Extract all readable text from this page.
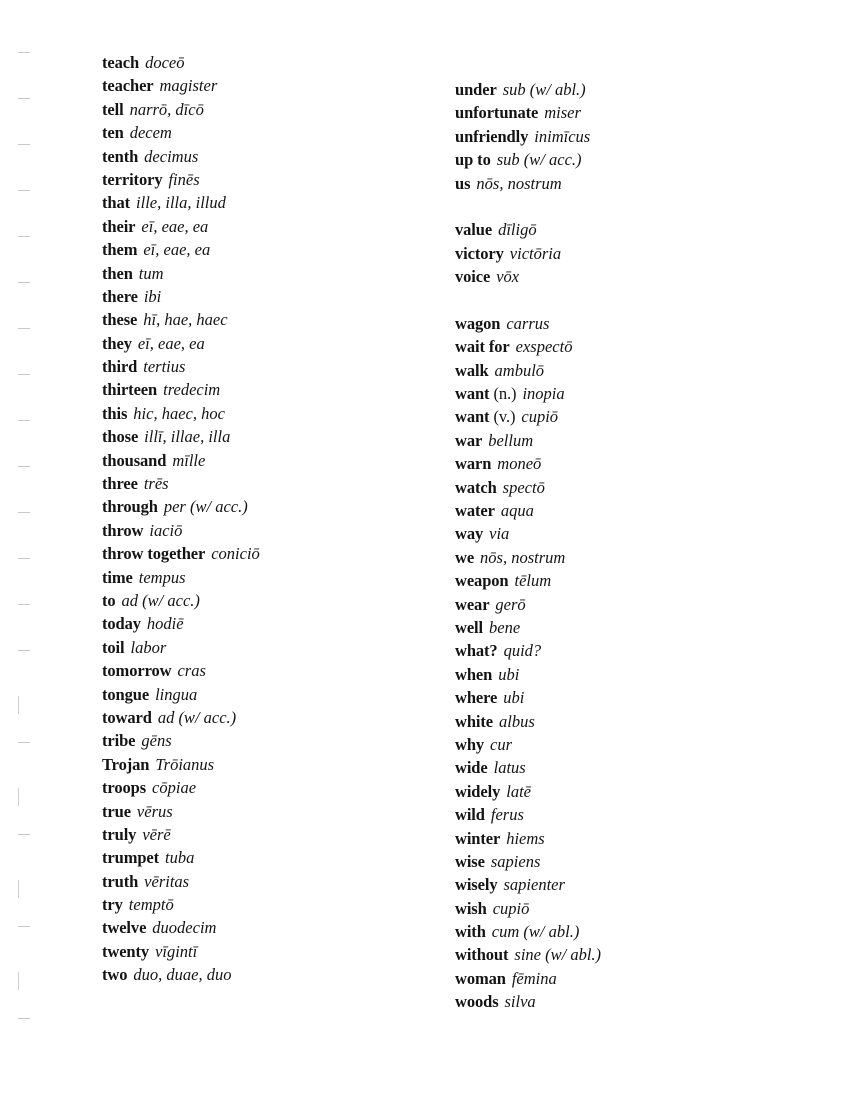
teach doceō
teacher magister
tell narrō, dīcō
ten decem
tenth decimus
territory finēs
that ille, illa, illud
their eī, eae, ea
them eī, eae, ea
then tum
there ibi
these hī, hae, haec
they eī, eae, ea
third tertius
thirteen tredecim
this hic, haec, hoc
those illī, illae, illa
thousand mīlle
three trēs
through per (w/ acc.)
throw iaciō
throw together coniciō
time tempus
to ad (w/ acc.)
today hodiē
toil labor
tomorrow cras
tongue lingua
toward ad (w/ acc.)
tribe gēns
Trojan Trōianus
troops cōpiae
true vērus
truly vērē
trumpet tuba
truth vēritas
try temptō
twelve duodecim
twenty vīgintī
two duo, duae, duo
under sub (w/ abl.)
unfortunate miser
unfriendly inimīcus
up to sub (w/ acc.)
us nōs, nostrum
value dīligō
victory victōria
voice vōx
wagon carrus
wait for exspectō
walk ambulō
want (n.) inopia
want (v.) cupiō
war bellum
warn moneō
watch spectō
water aqua
way via
we nōs, nostrum
weapon tēlum
wear gerō
well bene
what? quid?
when ubi
where ubi
white albus
why cur
wide latus
widely latē
wild ferus
winter hiems
wise sapiens
wisely sapienter
wish cupiō
with cum (w/ abl.)
without sine (w/ abl.)
woman fēmina
woods silva
